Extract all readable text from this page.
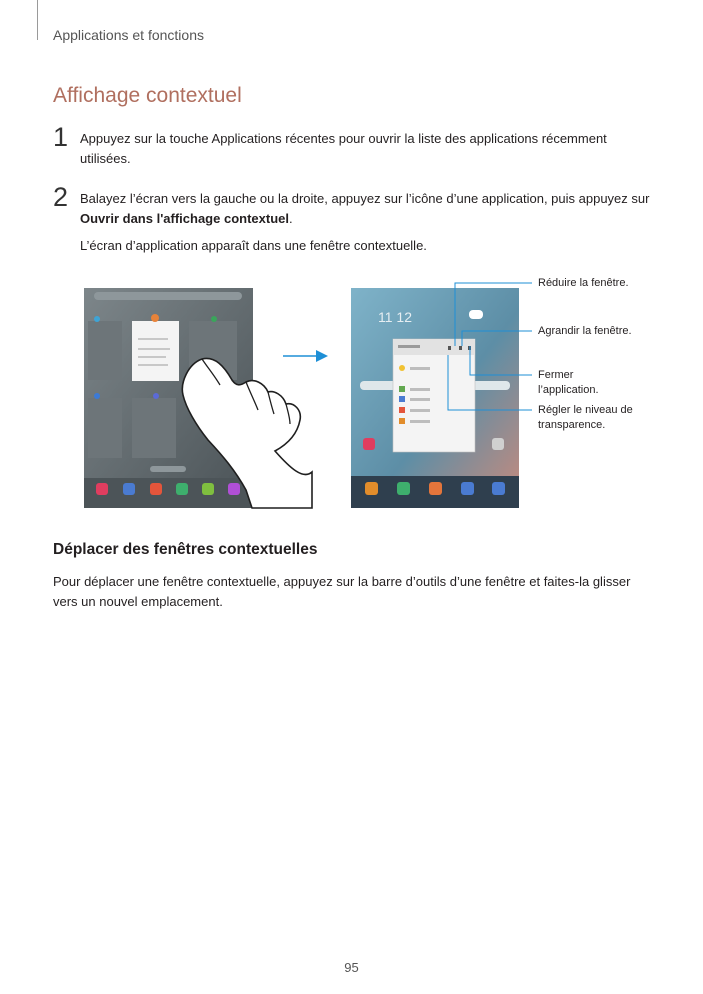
Applications et fonctions
Affichage contextuel
1 Appuyez sur la touche Applications récentes pour ouvrir la liste des applications récemment utilisées.
2 Balayez l’écran vers la gauche ou la droite, appuyez sur l’icône d’une application, puis appuyez sur Ouvrir dans l'affichage contextuel.
L’écran d’application apparaît dans une fenêtre contextuelle.
11 12
Réduire la fenêtre.
Agrandir la fenêtre.
Fermer l’application.
Régler le niveau de transparence.
Déplacer des fenêtres contextuelles
Pour déplacer une fenêtre contextuelle, appuyez sur la barre d’outils d’une fenêtre et faites-la glisser vers un nouvel emplacement.
95
